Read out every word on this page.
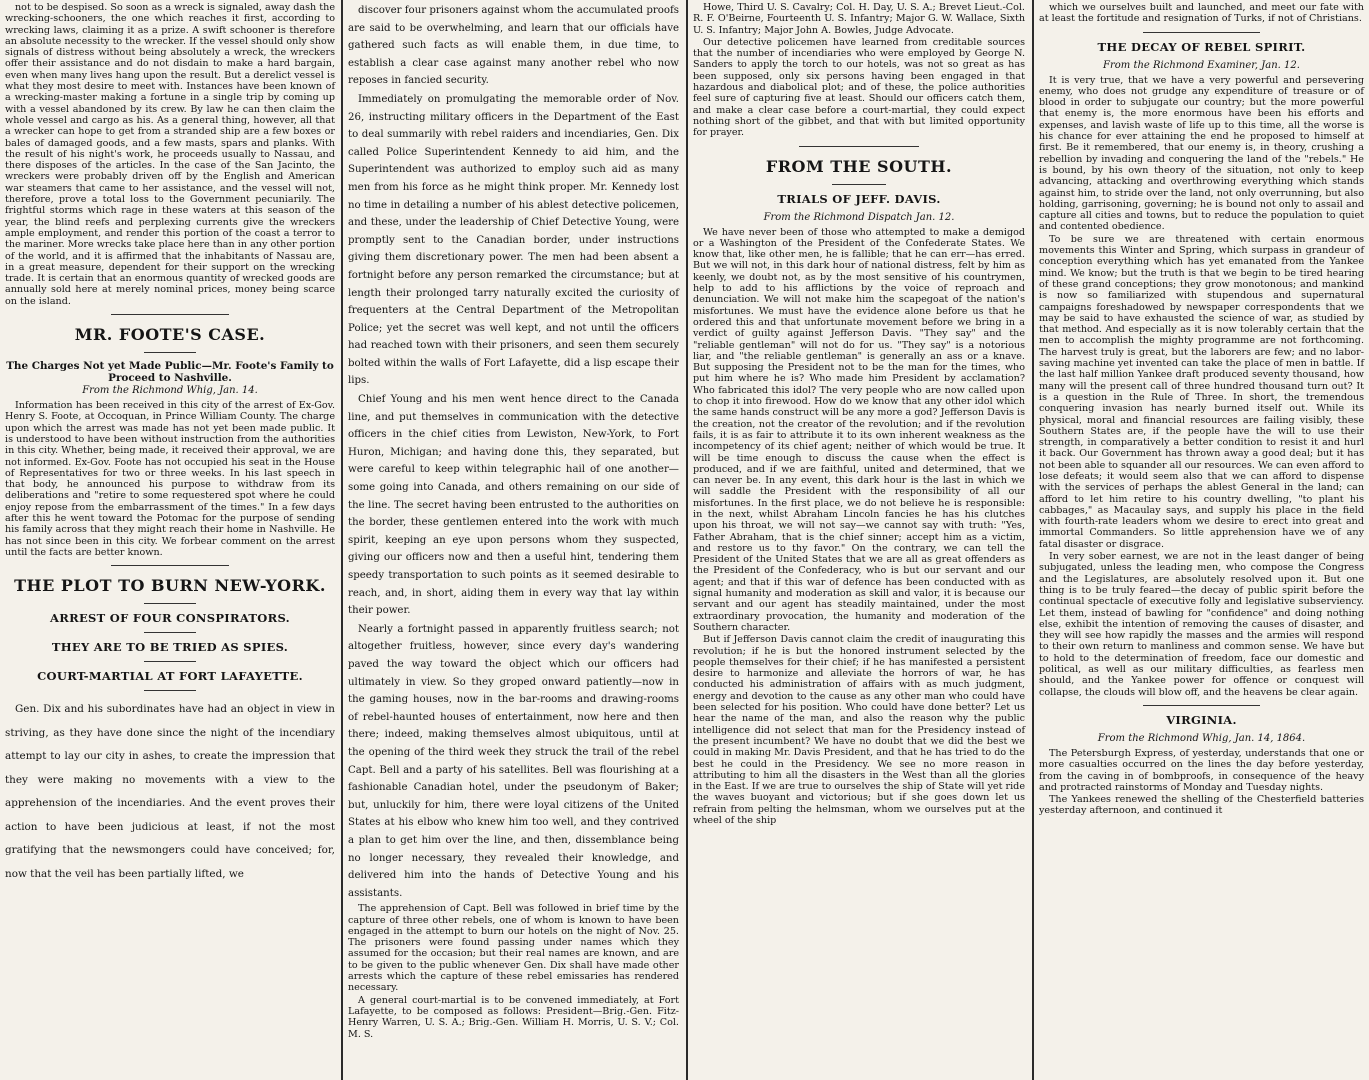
not to be despised. So soon as a wreck is signaled, away dash the wrecking-schooners, the one which reaches it first, according to wrecking laws, claiming it as a prize. A swift schooner is therefore an absolute necessity to the wrecker. If the vessel should only show signals of distress without being absolutely a wreck, the wreckers offer their assistance and do not disdain to make a hard bargain, even when many lives hang upon the result. But a derelict vessel is what they most desire to meet with. Instances have been known of a wrecking-master making a fortune in a single trip by coming up with a vessel abandoned by its crew. By law he can then claim the whole vessel and cargo as his. As a general thing, however, all that a wrecker can hope to get from a stranded ship are a few boxes or bales of damaged goods, and a few masts, spars and planks. With the result of his night's work, he proceeds usually to Nassau, and there disposes of the articles. In the case of the San Jacinto, the wreckers were probably driven off by the English and American war steamers that came to her assistance, and the vessel will not, therefore, prove a total loss to the Government pecuniarily. The frightful storms which rage in these waters at this season of the year, the blind reefs and perplexing currents give the wreckers ample employment, and render this portion of the coast a terror to the mariner. More wrecks take place here than in any other portion of the world, and it is affirmed that the inhabitants of Nassau are, in a great measure, dependent for their support on the wrecking trade. It is certain that an enormous quantity of wrecked goods are annually sold here at merely nominal prices, money being scarce on the island.

MR. FOOTE'S CASE.
The Charges Not yet Made Public—Mr. Foote's Family to Proceed to Nashville.
From the Richmond Whig, Jan. 14.

Information has been received in this city of the arrest of Ex-Gov. Henry S. Foote, at Occoquan, in Prince William County. The charge upon which the arrest was made has not yet been made public. It is understood to have been without instruction from the authorities in this city. Whether, being made, it received their approval, we are not informed. Ex-Gov. Foote has not occupied his seat in the House of Representatives for two or three weeks. In his last speech in that body, he announced his purpose to withdraw from its deliberations and "retire to some requestered spot where he could enjoy repose from the embarrassment of the times." In a few days after this he went toward the Potomac for the purpose of sending his family across that they might reach their home in Nashville. He has not since been in this city. We forbear comment on the arrest until the facts are better known.

THE PLOT TO BURN NEW-YORK.
ARREST OF FOUR CONSPIRATORS.
THEY ARE TO BE TRIED AS SPIES.
COURT-MARTIAL AT FORT LAFAYETTE.

Gen. Dix and his subordinates have had an object in view in striving, as they have done since the night of the incendiary attempt to lay our city in ashes, to create the impression that they were making no movements with a view to the apprehension of the incendiaries. And the event proves their action to have been judicious at least, if not the most gratifying that the newsmongers could have conceived; for, now that the veil has been partially lifted, we

discover four prisoners against whom the accumulated proofs are said to be overwhelming, and learn that our officials have gathered such facts as will enable them, in due time, to establish a clear case against many another rebel who now reposes in fancied security.

Immediately on promulgating the memorable order of Nov. 26, instructing military officers in the Department of the East to deal summarily with rebel raiders and incendiaries, Gen. Dix called Police Superintendent Kennedy to aid him, and the Superintendent was authorized to employ such aid as many men from his force as he might think proper. Mr. Kennedy lost no time in detailing a number of his ablest detective policemen, and these, under the leadership of Chief Detective Young, were promptly sent to the Canadian border, under instructions giving them discretionary power. The men had been absent a fortnight before any person remarked the circumstance; but at length their prolonged tarry naturally excited the curiosity of frequenters at the Central Department of the Metropolitan Police; yet the secret was well kept, and not until the officers had reached town with their prisoners, and seen them securely bolted within the walls of Fort Lafayette, did a lisp escape their lips.

Chief Young and his men went hence direct to the Canada line, and put themselves in communication with the detective officers in the chief cities from Lewiston, New-York, to Fort Huron, Michigan; and having done this, they separated, but were careful to keep within telegraphic hail of one another—some going into Canada, and others remaining on our side of the line. The secret having been entrusted to the authorities on the border, these gentlemen entered into the work with much spirit, keeping an eye upon persons whom they suspected, giving our officers now and then a useful hint, tendering them speedy transportation to such points as it seemed desirable to reach, and, in short, aiding them in every way that lay within their power.

Nearly a fortnight passed in apparently fruitless search; not altogether fruitless, however, since every day's wandering paved the way toward the object which our officers had ultimately in view. So they groped onward patiently—now in the gaming houses, now in the bar-rooms and drawing-rooms of rebel-haunted houses of entertainment, now here and then there; indeed, making themselves almost ubiquitous, until at the opening of the third week they struck the trail of the rebel Capt. Bell and a party of his satellites. Bell was flourishing at a fashionable Canadian hotel, under the pseudonym of Baker; but, unluckily for him, there were loyal citizens of the United States at his elbow who knew him too well, and they contrived a plan to get him over the line, and then, dissemblance being no longer necessary, they revealed their knowledge, and delivered him into the hands of Detective Young and his assistants.

The apprehension of Capt. Bell was followed in brief time by the capture of three other rebels, one of whom is known to have been engaged in the attempt to burn our hotels on the night of Nov. 25. The prisoners were found passing under names which they assumed for the occasion; but their real names are known, and are to be given to the public whenever Gen. Dix shall have made other arrests which the capture of these rebel emissaries has rendered necessary.

A general court-martial is to be convened immediately, at Fort Lafayette, to be composed as follows: President—Brig.-Gen. Fitz-Henry Warren, U. S. A.; Brig.-Gen. William H. Morris, U. S. V.; Col. M. S.

Howe, Third U. S. Cavalry; Col. H. Day, U. S. A.; Brevet Lieut.-Col. R. F. O'Beirne, Fourteenth U. S. Infantry; Major G. W. Wallace, Sixth U. S. Infantry; Major John A. Bowles, Judge Advocate.

Our detective policemen have learned from creditable sources that the number of incendiaries who were employed by George N. Sanders to apply the torch to our hotels, was not so great as has been supposed, only six persons having been engaged in that hazardous and diabolical plot; and of these, the police authorities feel sure of capturing five at least. Should our officers catch them, and make a clear case before a court-martial, they could expect nothing short of the gibbet, and that with but limited opportunity for prayer.

FROM THE SOUTH.
TRIALS OF JEFF. DAVIS.
From the Richmond Dispatch Jan. 12.

We have never been of those who attempted to make a demigod or a Washington of the President of the Confederate States. We know that, like other men, he is fallible; that he can err—has erred. But we will not, in this dark hour of national distress, felt by him as keenly, we doubt not, as by the most sensitive of his countrymen, help to add to his afflictions by the voice of reproach and denunciation. We will not make him the scapegoat of the nation's misfortunes. We must have the evidence alone before us that he ordered this and that unfortunate movement before we bring in a verdict of guilty against Jefferson Davis. "They say" and the "reliable gentleman" will not do for us. "They say" is a notorious liar, and "the reliable gentleman" is generally an ass or a knave. But supposing the President not to be the man for the times, who put him where he is? Who made him President by acclamation? Who fabricated this idol? The very people who are now called upon to chop it into firewood. How do we know that any other idol which the same hands construct will be any more a god? Jefferson Davis is the creation, not the creator of the revolution; and if the revolution fails, it is as fair to attribute it to its own inherent weakness as the incompetency of its chief agent; neither of which would be true. It will be time enough to discuss the cause when the effect is produced, and if we are faithful, united and determined, that we can never be. In any event, this dark hour is the last in which we will saddle the President with the responsibility of all our misfortunes. In the first place, we do not believe he is responsible: in the next, whilst Abraham Lincoln fancies he has his clutches upon his throat, we will not say—we cannot say with truth: "Yes, Father Abraham, that is the chief sinner; accept him as a victim, and restore us to thy favor." On the contrary, we can tell the President of the United States that we are all as great offenders as the President of the Confederacy, who is but our servant and our agent; and that if this war of defence has been conducted with as signal humanity and moderation as skill and valor, it is because our servant and our agent has steadily maintained, under the most extraordinary provocation, the humanity and moderation of the Southern character.

But if Jefferson Davis cannot claim the credit of inaugurating this revolution; if he is but the honored instrument selected by the people themselves for their chief; if he has manifested a persistent desire to harmonize and alleviate the horrors of war, he has conducted his administration of affairs with as much judgment, energy and devotion to the cause as any other man who could have been selected for his position. Who could have done better? Let us hear the name of the man, and also the reason why the public intelligence did not select that man for the Presidency instead of the present incumbent? We have no doubt that we did the best we could in making Mr. Davis President, and that he has tried to do the best he could in the Presidency. We see no more reason in attributing to him all the disasters in the West than all the glories in the East. If we are true to ourselves the ship of State will yet ride the waves buoyant and victorious; but if she goes down let us refrain from pelting the helmsman, whom we ourselves put at the wheel of the ship

which we ourselves built and launched, and meet our fate with at least the fortitude and resignation of Turks, if not of Christians.

THE DECAY OF REBEL SPIRIT.
From the Richmond Examiner, Jan. 12.

It is very true, that we have a very powerful and persevering enemy, who does not grudge any expenditure of treasure or of blood in order to subjugate our country; but the more powerful that enemy is, the more enormous have been his efforts and expenses, and lavish waste of life up to this time, all the worse is his chance for ever attaining the end he proposed to himself at first. Be it remembered, that our enemy is, in theory, crushing a rebellion by invading and conquering the land of the "rebels." He is bound, by his own theory of the situation, not only to keep advancing, attacking and overthrowing everything which stands against him, to stride over the land, not only overrunning, but also holding, garrisoning, governing; he is bound not only to assail and capture all cities and towns, but to reduce the population to quiet and contented obedience.

To be sure we are threatened with certain enormous movements this Winter and Spring, which surpass in grandeur of conception everything which has yet emanated from the Yankee mind. We know; but the truth is that we begin to be tired hearing of these grand conceptions; they grow monotonous; and mankind is now so familiarized with stupendous and supernatural campaigns foreshadowed by newspaper correspondents that we may be said to have exhausted the science of war, as studied by that method. And especially as it is now tolerably certain that the men to accomplish the mighty programme are not forthcoming. The harvest truly is great, but the laborers are few; and no labor-saving machine yet invented can take the place of men in battle. If the last half million Yankee draft produced seventy thousand, how many will the present call of three hundred thousand turn out? It is a question in the Rule of Three. In short, the tremendous conquering invasion has nearly burned itself out. While its physical, moral and financial resources are failing visibly, these Southern States are, if the people have the will to use their strength, in comparatively a better condition to resist it and hurl it back. Our Government has thrown away a good deal; but it has not been able to squander all our resources. We can even afford to lose defeats; it would seem also that we can afford to dispense with the services of perhaps the ablest General in the land; can afford to let him retire to his country dwelling, "to plant his cabbages," as Macaulay says, and supply his place in the field with fourth-rate leaders whom we desire to erect into great and immortal Commanders. So little apprehension have we of any fatal disaster or disgrace.

In very sober earnest, we are not in the least danger of being subjugated, unless the leading men, who compose the Congress and the Legislatures, are absolutely resolved upon it. But one thing is to be truly feared—the decay of public spirit before the continual spectacle of executive folly and legislative subserviency. Let them, instead of bawling for "confidence" and doing nothing else, exhibit the intention of removing the causes of disaster, and they will see how rapidly the masses and the armies will respond to their own return to manliness and common sense. We have but to hold to the determination of freedom, face our domestic and political, as well as our military difficulties, as fearless men should, and the Yankee power for offence or conquest will collapse, the clouds will blow off, and the heavens be clear again.

VIRGINIA.
From the Richmond Whig, Jan. 14, 1864.

The Petersburgh Express, of yesterday, understands that one or more casualties occurred on the lines the day before yesterday, from the caving in of bombproofs, in consequence of the heavy and protracted rainstorms of Monday and Tuesday nights.

The Yankees renewed the shelling of the Chesterfield batteries yesterday afternoon, and continued it
